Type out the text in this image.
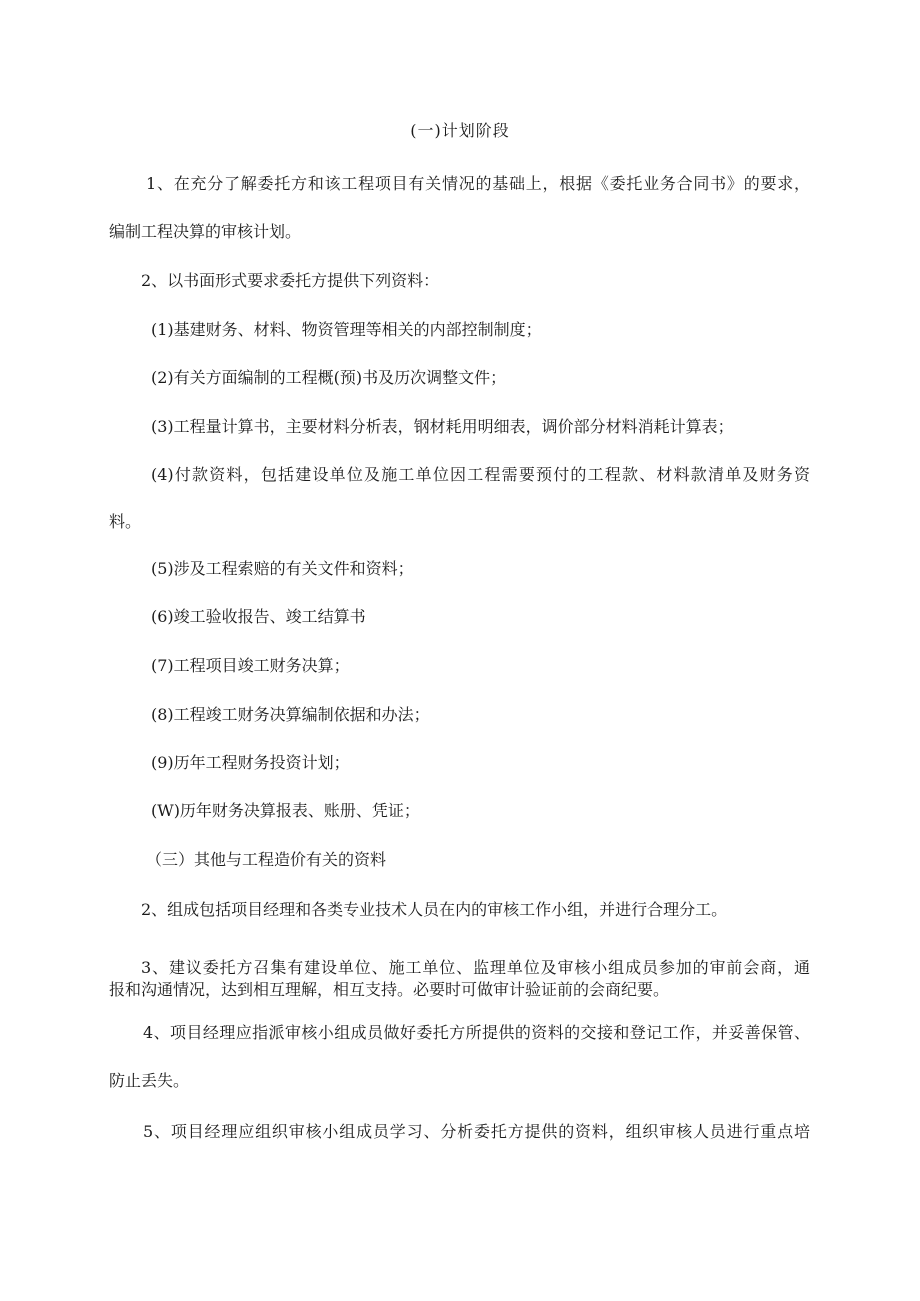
(一)计划阶段
1、在充分了解委托方和该工程项目有关情况的基础上，根据《委托业务合同书》的要求，
编制工程决算的审核计划。
2、以书面形式要求委托方提供下列资料：
(1)基建财务、材料、物资管理等相关的内部控制制度；
(2)有关方面编制的工程概(预)书及历次调整文件；
(3)工程量计算书，主要材料分析表，钢材耗用明细表，调价部分材料消耗计算表；
(4)付款资料，包括建设单位及施工单位因工程需要预付的工程款、材料款清单及财务资
料。
(5)涉及工程索赔的有关文件和资料；
(6)竣工验收报告、竣工结算书
(7)工程项目竣工财务决算；
(8)工程竣工财务决算编制依据和办法；
(9)历年工程财务投资计划；
(W)历年财务决算报表、账册、凭证；
（三）其他与工程造价有关的资料
2、组成包括项目经理和各类专业技术人员在内的审核工作小组，并进行合理分工。
3、建议委托方召集有建设单位、施工单位、监理单位及审核小组成员参加的审前会商，通
报和沟通情况，达到相互理解，相互支持。必要时可做审计验证前的会商纪要。
4、项目经理应指派审核小组成员做好委托方所提供的资料的交接和登记工作，并妥善保管、
防止丢失。
5、项目经理应组织审核小组成员学习、分析委托方提供的资料，组织审核人员进行重点培
